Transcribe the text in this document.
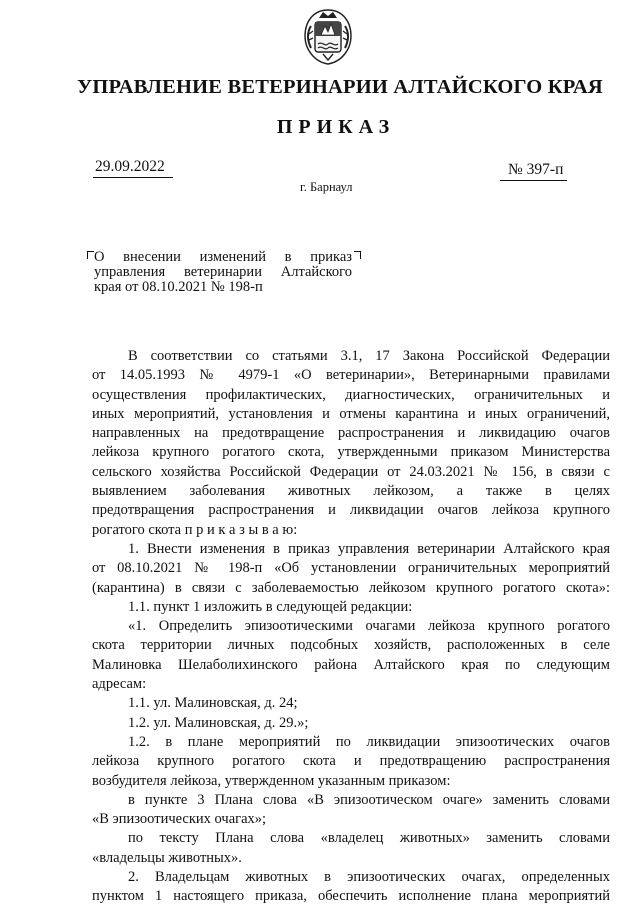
УПРАВЛЕНИЕ ВЕТЕРИНАРИИ АЛТАЙСКОГО КРАЯ
ПРИКАЗ
29.09.2022	№ 397-п
г. Барнаул
О внесении изменений в приказ
управления ветеринарии Алтайского
края от 08.10.2021 № 198-п
В соответствии со статьями 3.1, 17 Закона Российской Федерации
от 14.05.1993 № 4979-1 «О ветеринарии», Ветеринарными правилами
осуществления профилактических, диагностических, ограничительных и
иных мероприятий, установления и отмены карантина и иных ограничений,
направленных на предотвращение распространения и ликвидацию очагов
лейкоза крупного рогатого скота, утвержденными приказом Министерства
сельского хозяйства Российской Федерации от 24.03.2021 № 156, в связи с
выявлением заболевания животных лейкозом, а также в целях
предотвращения распространения и ликвидации очагов лейкоза крупного
рогатого скота п р и к а з ы в а ю:
1. Внести изменения в приказ управления ветеринарии Алтайского края
от 08.10.2021 № 198-п «Об установлении ограничительных мероприятий
(карантина) в связи с заболеваемостью лейкозом крупного рогатого скота»:
1.1. пункт 1 изложить в следующей редакции:
«1. Определить эпизоотическими очагами лейкоза крупного рогатого
скота территории личных подсобных хозяйств, расположенных в селе
Малиновка Шелаболихинского района Алтайского края по следующим
адресам:
1.1. ул. Малиновская, д. 24;
1.2. ул. Малиновская, д. 29.»;
1.2. в плане мероприятий по ликвидации эпизоотических очагов
лейкоза крупного рогатого скота и предотвращению распространения
возбудителя лейкоза, утвержденном указанным приказом:
в пункте 3 Плана слова «В эпизоотическом очаге» заменить словами
«В эпизоотических очагах»;
по тексту Плана слова «владелец животных» заменить словами
«владельцы животных».
2. Владельцам животных в эпизоотических очагах, определенных
пунктом 1 настоящего приказа, обеспечить исполнение плана мероприятий
